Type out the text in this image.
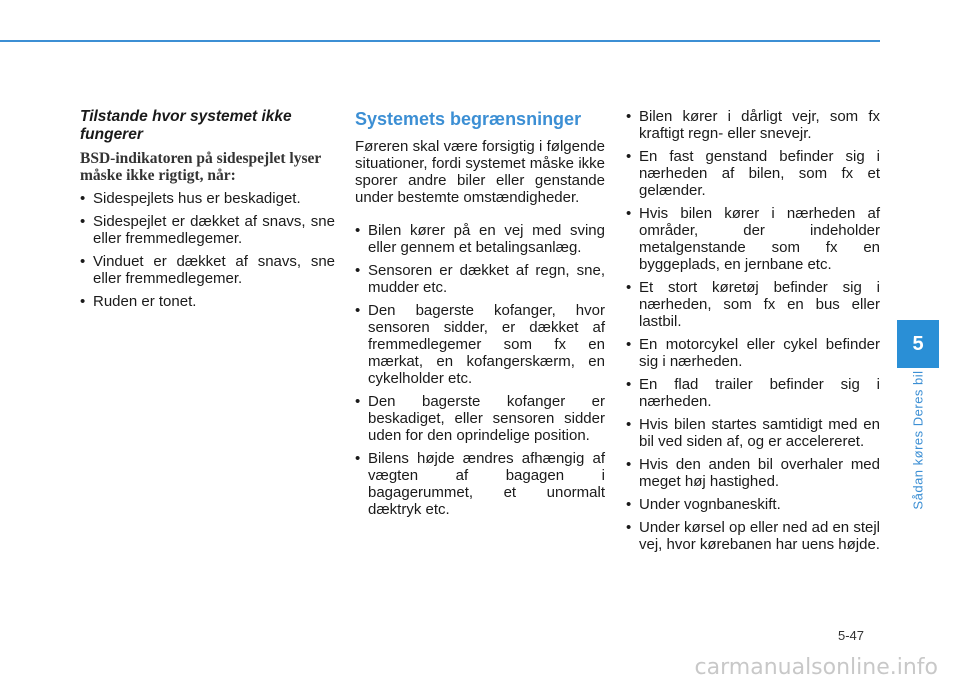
Tilstande hvor systemet ikke fungerer

BSD-indikatoren på sidespejlet lyser måske ikke rigtigt, når:

• Sidespejlets hus er beskadiget.
• Sidespejlet er dækket af snavs, sne eller fremmedlegemer.
• Vinduet er dækket af snavs, sne eller fremmedlegemer.
• Ruden er tonet.

Systemets begrænsninger

Føreren skal være forsigtig i følgende situationer, fordi systemet måske ikke sporer andre biler eller genstande under bestemte omstændigheder.

• Bilen kører på en vej med sving eller gennem et betalingsanlæg.
• Sensoren er dækket af regn, sne, mudder etc.
• Den bagerste kofanger, hvor sensoren sidder, er dækket af fremmedlegemer som fx en mærkat, en kofangerskærm, en cykelholder etc.
• Den bagerste kofanger er beskadiget, eller sensoren sidder uden for den oprindelige position.
• Bilens højde ændres afhængig af vægten af bagagen i bagagerummet, et unormalt dæktryk etc.
• Bilen kører i dårligt vejr, som fx kraftigt regn- eller snevejr.
• En fast genstand befinder sig i nærheden af bilen, som fx et gelænder.
• Hvis bilen kører i nærheden af områder, der indeholder metalgenstande som fx en byggeplads, en jernbane etc.
• Et stort køretøj befinder sig i nærheden, som fx en bus eller lastbil.
• En motorcykel eller cykel befinder sig i nærheden.
• En flad trailer befinder sig i nærheden.
• Hvis bilen startes samtidigt med en bil ved siden af, og er accelereret.
• Hvis den anden bil overhaler med meget høj hastighed.
• Under vognbaneskift.
• Under kørsel op eller ned ad en stejl vej, hvor kørebanen har uens højde.
5
Sådan køres Deres bil
5-47
carmanualsonline.info
